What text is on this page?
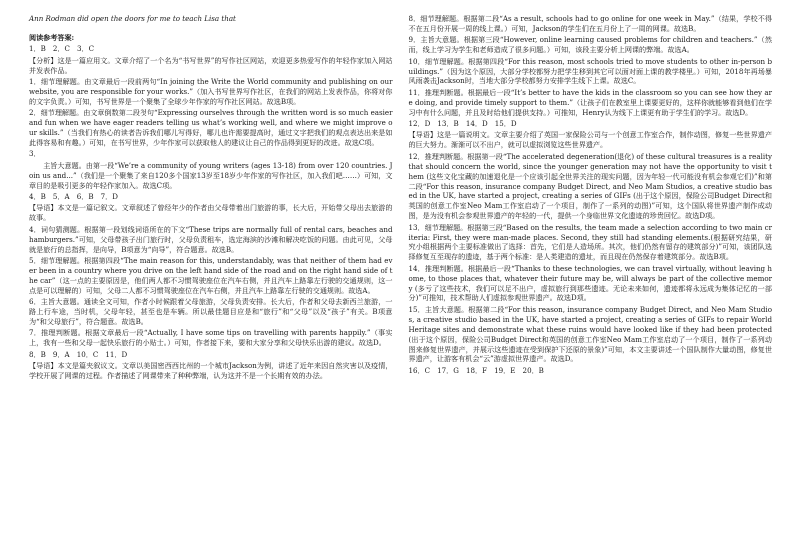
Ann Rodman did open the doors for me to teach Lisa that

阅读参考答案:

1．B　2．C　3．C

【分析】这是一篇应用文。文章介绍了一个名为“书写世界”的写作社区网站，欢迎更多热爱写作的年轻作家加入网站并发表作品。

1．细节理解题。由文章最后一段前两句“In joining the Write the World community and publishing on our website, you are responsible for your works.”（加入书写世界写作社区，在我们的网站上发表作品，你将对你的文字负责。）可知，书写世界是一个聚集了全球少年作家的写作社区网站。故选B项。

2．细节理解题。由文章倒数第二段첫句“Expressing ourselves through the written word is so much easier and fun when we have eager readers telling us what’s working well, and where we might improve our skills.”（当我们有热心的读者告诉我们哪儿写得好，哪儿也许需要提高时，通过文字把我们的观点表达出来是如此得容易和有趣。）可知，在书写世界，少年作家可以获取他人的建议让自己的作品得到更好的改进。故选C项。

3．

　　主旨大意题。由第一段“We’re a community of young writers (ages 13-18) from over 120 countries. Join us and...”（我们是一个聚集了来自120多个国家13岁至18岁少年作家的写作社区，加入我们吧……）可知，文章目的是吸引更多的年轻作家加入。故选C项。

4．B　5．A　6．B　7．D

【导语】本文是一篇记叙文。文章叙述了曾经年少的作者由父母带着出门旅游的事，长大后，开始带父母出去旅游的故事。

4．词句猜测题。根据第一段划线词语所在的下文“These trips are normally full of rental cars, beaches and hamburgers.”可知，父母带孩子出门旅行时，父母负责租车，选定海滨的沙滩和解决吃饭的问题。由此可见，父母就是旅行的总指挥，是向导，B项意为“向导”，符合题意。故选B。

5．细节理解题。根据第四段“The main reason for this, understandably, was that neither of them had ever been in a country where you drive on the left hand side of the road and on the right hand side of the car”（这一点的主要原因是，他们两人都不习惯驾驶座位在汽车右侧，并且汽车上路靠左行驶的交通规则，这一点是可以理解的）可知，父母二人都不习惯驾驶座位在汽车右侧，并且汽车上路靠左行驶的交通规则。故选A。

6．主旨大意题。通读全文可知，作者小时候跟着父母旅游，父母负责安排。长大后，作者和父母去新西兰旅游，一路上行车途，当时机，父母年轻，甚至也是车辆。所以最佳题目应是和“旅行”和“父母”以及“孩子”有关。B项意为“和父母旅行”，符合题意。故选B。

7．推理判断题。根据文章最后一段“Actually, I have some tips on travelling with parents happily.”（事实上，我有一些和父母一起快乐旅行的小贴士。）可知，作者接下来，要和大家分享和父母快乐出游的建议。故选D。

8．B　9．A　10．C　11．D

【导语】本文是篇夹叙议文。文章以美国密西西比州的一个城市Jackson为例，讲述了近年来因自然灾害以及疫情，学校开展了网课的过程。作者描述了网课带来了种种弊端，认为这并不是一个长期有效的办法。

8．细节理解题。根据第二段“As a result, schools had to go online for one week in May.”（结果，学校不得不在五月份开展一周的线上课。）可知，Jackson的学生们在五月份上了一周的网课。故选B。

9．主旨大意题。根据第三段“However, online learning caused problems for children and teachers.”（然而，线上学习为学生和老师造成了很多问题。）可知，该段主要分析上网课的弊端。故选A。

10．细节理解题。根据第四段“For this reason, most schools tried to move students to other in-person buildings.”（因为这个原因，大部分学校都努力把学生移到其它可以面对面上课的教学楼里。）可知，2018年再场暴风雨袭击Jackson时，当地大部分学校都努力安排学生线下上课。故选C。

11．推理判断题。根据最后一段“It’s better to have the kids in the classroom so you can see how they are doing, and provide timely support to them.”（让孩子们在教室里上课要更好的，这样你就能够看到他们在学习中有什么问题，并且及时给他们提供支持。）可推知，Henry认为线下上课更有助于学生们的学习。故选D。

12．D　13．B　14．D　15．D

【导语】这是一篇说明文。文章主要介绍了英国一家保险公司与一个创意工作室合作，制作动图，修复一些世界遗产的巨大努力。渐渐可以不出户，就可以虚拟浏览这些世界遗产。

12．推理判断题。根据第一段“The accelerated degeneration(退化) of these cultural treasures is a reality that should concern the world, since the younger generation may not have the opportunity to visit them (这些文化宝藏的加速退化是一个应该引起全世界关注的现实问题，因为年轻一代可能没有机会参观它们)”和第二段“For this reason, insurance company Budget Direct, and Neo Mam Studios, a creative studio based in the UK, have started a project, creating a series of GIFs (出于这个原因，保险公司Budget Direct和英国的创意工作室Neo Mam工作室启动了一个项目，制作了一系列的动图)”可知，这个国队将世界遗产制作成动图，是为没有机会参观世界遗产的年轻的一代，提供一个身临世界文化遗迹的珍贵回忆。故选D项。

13．细节理解题。根据第三段“Based on the results, the team made a selection according to two main criteria: First, they were man-made places. Second, they still had standing elements.(根据研究结果，研究小组根据两个主要标准做出了选择：首先，它们是人造场所。其次，他们仍然有留存的建筑部分)”可知，该团队选择修复互至现存的遗迹，基于两个标准：是人类建造的遗址，而且现在仍然保存着建筑部分。故选B项。

14．推理判断题。根据最后一段“Thanks to these technologies, we can travel virtually, without leaving home, to those places that, whatever their future may be, will always be part of the collective memory (多亏了这些技术，我们可以足不出户，虚拟旅行到那些遗迹。无论未来如何，遗迹都将永远成为集体记忆的一部分)”可推知，技术帮助人们虚拟参观世界遗产。故选D项。

15．主旨大意题。根据第二段“For this reason, insurance company Budget Direct, and Neo Mam Studios, a creative studio based in the UK, have started a project, creating a series of GIFs to repair World Heritage sites and demonstrate what these ruins would have looked like if they had been protected (出于这个原因，保险公司Budget Direct和英国的创意工作室Neo Mam工作室启动了一个项目，制作了一系列动图来修复世界遗产，并展示这些遗迹在受到保护下还原的景象)”可知，本文主要讲述一个国队制作大量动图，修复世界遗产，让游客有机会“云”游虚拟世界遗产。故选D。

16．C　17．G　18．F　19．E　20．B
